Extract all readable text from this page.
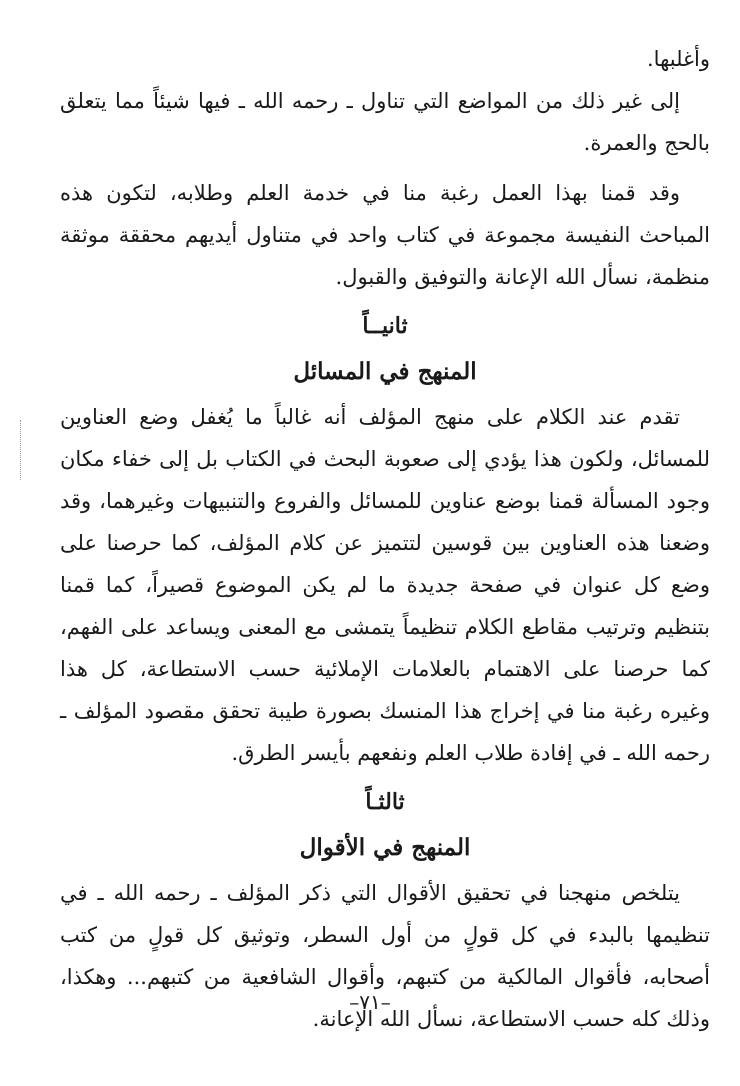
وأغلبها.

إلى غير ذلك من المواضع التي تناول ـ رحمه الله ـ فيها شيئاً مما يتعلق بالحج والعمرة.

وقد قمنا بهذا العمل رغبة منا في خدمة العلم وطلابه، لتكون هذه المباحث النفيسة مجموعة في كتاب واحد في متناول أيديهم محققة موثقة منظمة، نسأل الله الإعانة والتوفيق والقبول.

ثانيــاً
المنهج في المسائل

تقدم عند الكلام على منهج المؤلف أنه غالباً ما يُغفل وضع العناوين للمسائل، ولكون هذا يؤدي إلى صعوبة البحث في الكتاب بل إلى خفاء مكان وجود المسألة قمنا بوضع عناوين للمسائل والفروع والتنبيهات وغيرهما، وقد وضعنا هذه العناوين بين قوسين لتتميز عن كلام المؤلف، كما حرصنا على وضع كل عنوان في صفحة جديدة ما لم يكن الموضوع قصيراً، كما قمنا بتنظيم وترتيب مقاطع الكلام تنظيماً يتمشى مع المعنى ويساعد على الفهم، كما حرصنا على الاهتمام بالعلامات الإملائية حسب الاستطاعة، كل هذا وغيره رغبة منا في إخراج هذا المنسك بصورة طيبة تحقق مقصود المؤلف ـ رحمه الله ـ في إفادة طلاب العلم ونفعهم بأيسر الطرق.

ثالثـاً
المنهج في الأقوال

يتلخص منهجنا في تحقيق الأقوال التي ذكر المؤلف ـ رحمه الله ـ في تنظيمها بالبدء في كل قولٍ من أول السطر، وتوثيق كل قولٍ من كتب أصحابه، فأقوال المالكية من كتبهم، وأقوال الشافعية من كتبهم... وهكذا، وذلك كله حسب الاستطاعة، نسأل الله الإعانة.

–٧١–
